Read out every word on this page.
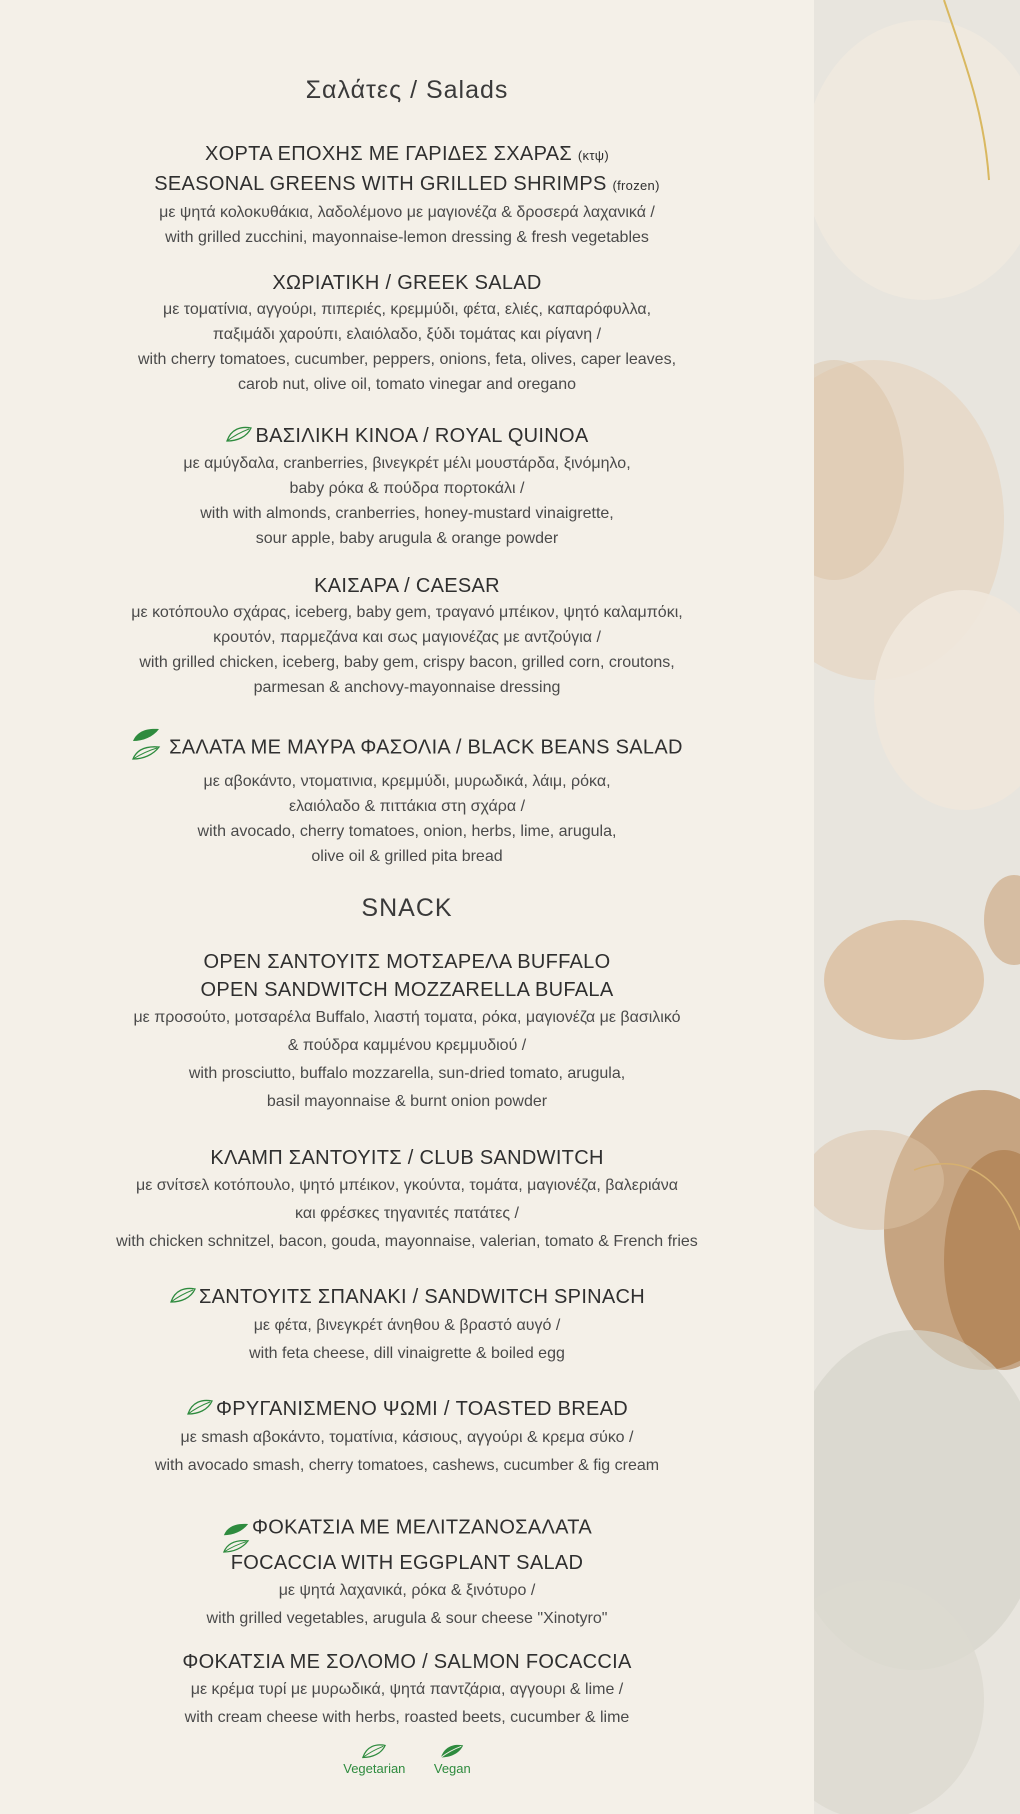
Σαλάτες / Salads
ΧΟΡΤΑ ΕΠΟΧΗΣ ΜΕ ΓΑΡΙΔΕΣ ΣΧΑΡΑΣ (κτψ)
SEASONAL GREENS WITH GRILLED SHRIMPS (frozen)
με ψητά κολοκυθάκια, λαδολέμονο με μαγιονέζα & δροσερά λαχανικά /
with grilled zucchini, mayonnaise-lemon dressing & fresh vegetables
ΧΩΡΙΑΤΙΚΗ / GREEK SALAD
με τοματίνια, αγγούρι, πιπεριές, κρεμμύδι, φέτα, ελιές, καπαρόφυλλα,
παξιμάδι χαρούπι, ελαιόλαδο, ξύδι τομάτας και ρίγανη /
with cherry tomatoes, cucumber, peppers, onions, feta, olives, caper leaves,
carob nut, olive oil, tomato vinegar and oregano
ΒΑΣΙΛΙΚΗ ΚΙΝΟΑ / ROYAL QUINOA
με αμύγδαλα, cranberries, βινεγκρέτ μέλι μουστάρδα, ξινόμηλο,
baby ρόκα & πούδρα πορτοκάλι /
with with almonds, cranberries, honey-mustard vinaigrette,
sour apple, baby arugula & orange powder
ΚΑΙΣΑΡΑ / CAESAR
με κοτόπουλο σχάρας, iceberg, baby gem, τραγανό μπέικον, ψητό καλαμπόκι,
κρουτόν, παρμεζάνα και σως μαγιονέζας με αντζούγια /
with grilled chicken, iceberg, baby gem, crispy bacon, grilled corn, croutons,
parmesan & anchovy-mayonnaise dressing
ΣΑΛΑΤΑ ΜΕ ΜΑΥΡΑ ΦΑΣΟΛΙΑ / BLACK BEANS SALAD
με αβοκάντο, ντοματινια, κρεμμύδι, μυρωδικά, λάιμ, ρόκα,
ελαιόλαδο & πιττάκια στη σχάρα /
with avocado, cherry tomatoes, onion, herbs, lime, arugula,
olive oil & grilled pita bread
SNACK
OPEN ΣΑΝΤΟΥΙΤΣ ΜΟΤΣΑΡΕΛΑ BUFFALO
OPEN SANDWITCH MOZZARELLA BUFALA
με προσούτο, μοτσαρέλα Buffalo, λιαστή τοματα, ρόκα, μαγιονέζα με βασιλικό
& πούδρα καμμένου κρεμμυδιού /
with prosciutto, buffalo mozzarella, sun-dried tomato, arugula,
basil mayonnaise & burnt onion powder
ΚΛΑΜΠ ΣΑΝΤΟΥΙΤΣ / CLUB SANDWITCH
με σνίτσελ κοτόπουλο, ψητό μπέικον, γκούντα, τομάτα, μαγιονέζα, βαλεριάνα
και φρέσκες τηγανιτές πατάτες /
with chicken schnitzel, bacon, gouda, mayonnaise, valerian, tomato & French fries
ΣΑΝΤΟΥΙΤΣ ΣΠΑΝΑΚΙ / SANDWITCH SPINACH
με φέτα, βινεγκρέτ άνηθου & βραστό αυγό /
with feta cheese, dill vinaigrette & boiled egg
ΦΡΥΓΑΝΙΣΜΕΝΟ ΨΩΜΙ / TOASTED BREAD
με smash αβοκάντο, τοματίνια, κάσιους, αγγούρι & κρεμα σύκο /
with avocado smash, cherry tomatoes, cashews, cucumber & fig cream
ΦΟΚΑΤΣΙΑ ΜΕ ΜΕΛΙΤΖΑΝΟΣΑΛΑΤΑ
FOCACCIA WITH EGGPLANT SALAD
με ψητά λαχανικά, ρόκα & ξινότυρο /
with grilled vegetables, arugula & sour cheese "Xinotyro"
ΦΟΚΑΤΣΙΑ ΜΕ ΣΟΛΟΜΟ / SALMON FOCACCIA
με κρέμα τυρί με μυρωδικά, ψητά παντζάρια, αγγουρι & lime /
with cream cheese with herbs, roasted beets, cucumber & lime
Vegetarian Vegan
